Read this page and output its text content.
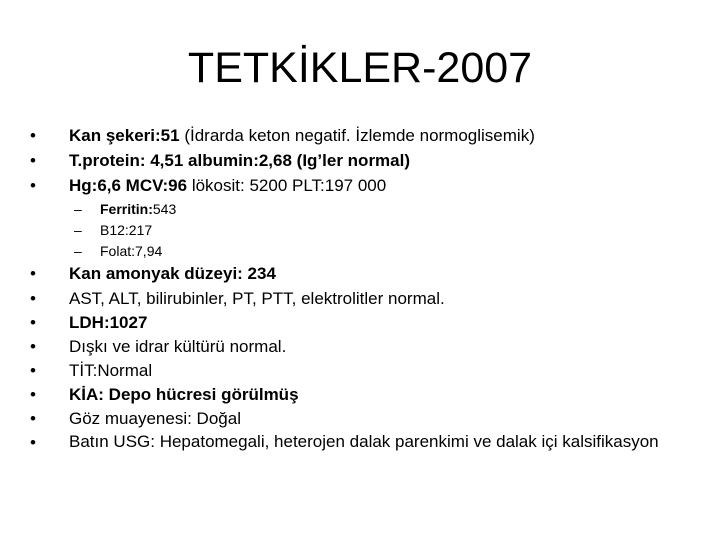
TETKİKLER-2007
•	Kan şekeri:51 (İdrarda keton negatif. İzlemde normoglisemik)
•	T.protein: 4,51 albumin:2,68 (Ig’ler normal)
•	Hg:6,6 MCV:96 lökosit: 5200 PLT:197 000
– Ferritin:543
– B12:217
– Folat:7,94
•	Kan amonyak düzeyi: 234
•	AST, ALT, bilirubinler, PT, PTT, elektrolitler normal.
•	LDH:1027
•	Dışkı ve idrar kültürü normal.
•	TİT:Normal
•	KİA: Depo hücresi görülmüş
•	Göz muayenesi: Doğal
•	Batın USG: Hepatomegali, heterojen dalak parenkimi ve dalak içi kalsifikasyon
